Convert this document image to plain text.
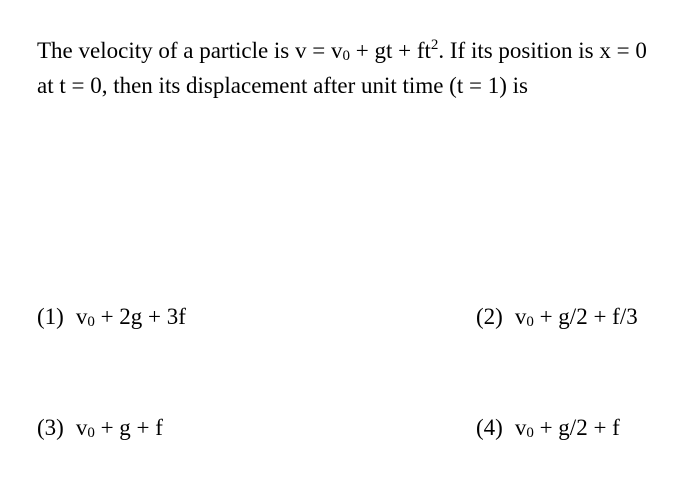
The velocity of a particle is $v = v_0$ + gt + $ft^2$. If its position is x = 0 at t = 0, then its displacement after unit time (t = 1) is

(1) $v_0 + 2g + 3f$	(2) $v_0 + g/2 + f/3$
(3) $v_0 + g + f$	(4) $v_0 + g/2 + f$
